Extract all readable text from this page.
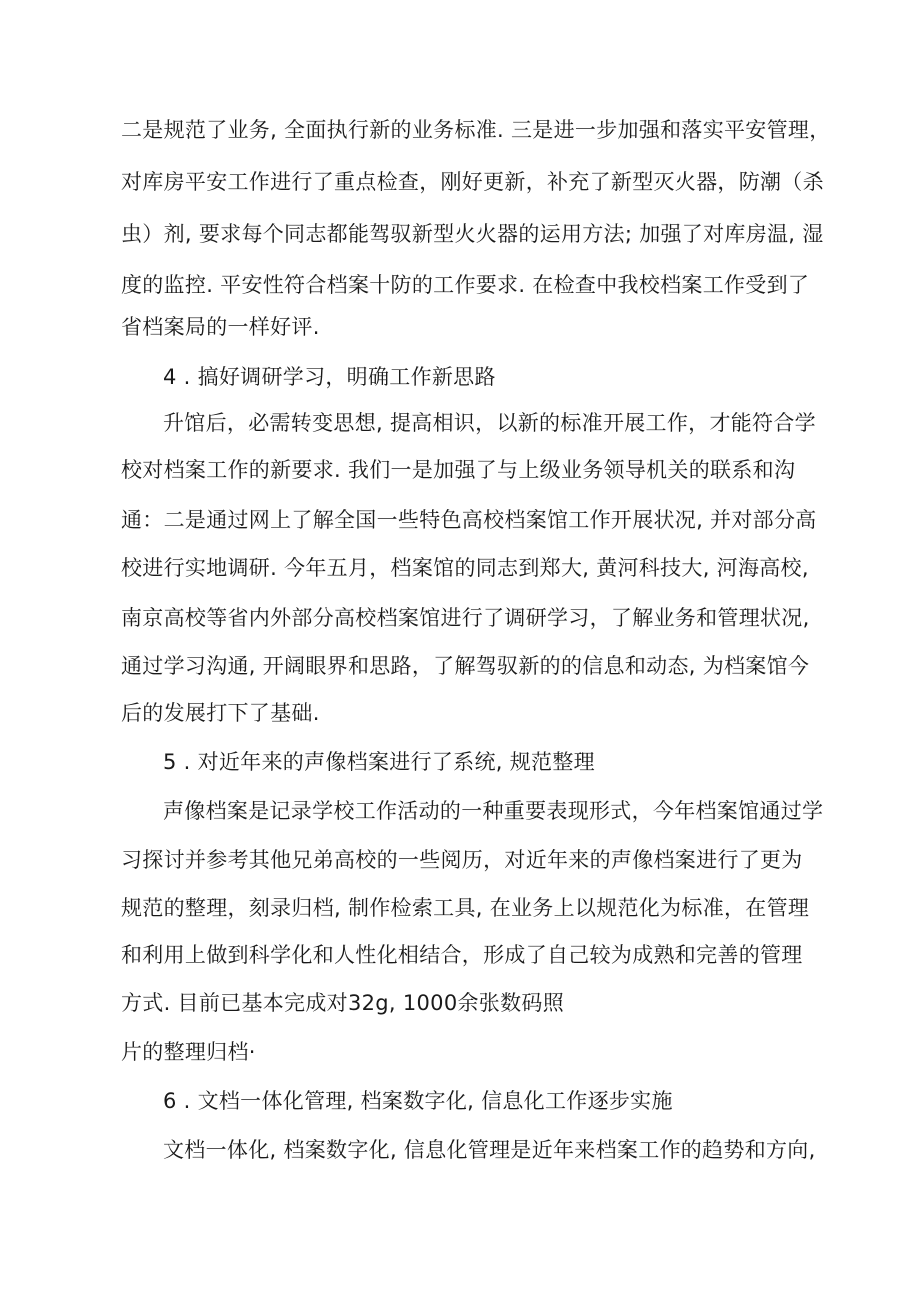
二是规范了业务, 全面执行新的业务标准. 三是进一步加强和落实平安管理，
对库房平安工作进行了重点检查，刚好更新，补充了新型灭火器，防潮（杀
虫）剂, 要求每个同志都能驾驭新型火火器的运用方法; 加强了对库房温, 湿
度的监控. 平安性符合档案十防的工作要求. 在检查中我校档案工作受到了
省档案局的一样好评.
4 . 搞好调研学习，明确工作新思路
升馆后，必需转变思想, 提高相识，以新的标准开展工作，才能符合学
校对档案工作的新要求. 我们一是加强了与上级业务领导机关的联系和沟
通：二是通过网上了解全国一些特色高校档案馆工作开展状况, 并对部分高
校进行实地调研. 今年五月，档案馆的同志到郑大, 黄河科技大, 河海高校,
南京高校等省内外部分高校档案馆进行了调研学习，了解业务和管理状况,
通过学习沟通, 开阔眼界和思路，了解驾驭新的的信息和动态, 为档案馆今
后的发展打下了基础.
5 . 对近年来的声像档案进行了系统, 规范整理
声像档案是记录学校工作活动的一种重要表现形式，今年档案馆通过学
习探讨并参考其他兄弟高校的一些阅历，对近年来的声像档案进行了更为
规范的整理，刻录归档, 制作检索工具, 在业务上以规范化为标准，在管理
和利用上做到科学化和人性化相结合，形成了自己较为成熟和完善的管理
方式. 目前已基本完成对32g, 1000余张数码照
片的整理归档·
6 . 文档一体化管理, 档案数字化, 信息化工作逐步实施
文档一体化, 档案数字化, 信息化管理是近年来档案工作的趋势和方向,
